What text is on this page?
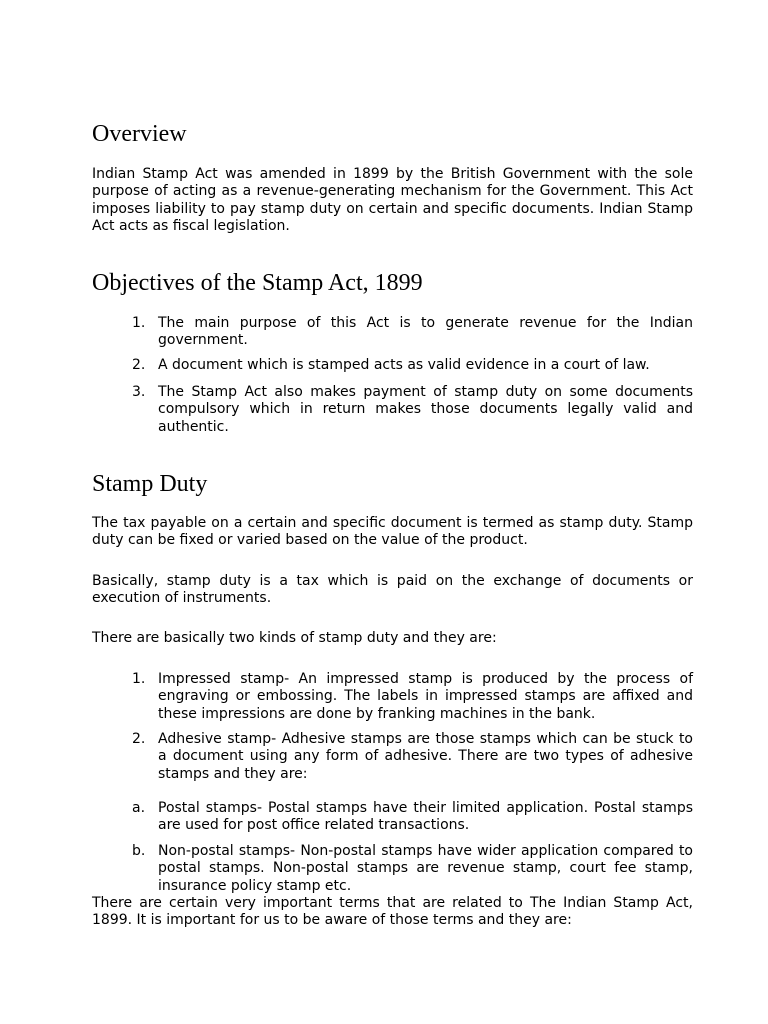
Overview

Indian Stamp Act was amended in 1899 by the British Government with the sole purpose of acting as a revenue-generating mechanism for the Government. This Act imposes liability to pay stamp duty on certain and specific documents. Indian Stamp Act acts as fiscal legislation.

Objectives of the Stamp Act, 1899
1. The main purpose of this Act is to generate revenue for the Indian government.
2. A document which is stamped acts as valid evidence in a court of law.
3. The Stamp Act also makes payment of stamp duty on some documents compulsory which in return makes those documents legally valid and authentic.
Stamp Duty

The tax payable on a certain and specific document is termed as stamp duty. Stamp duty can be fixed or varied based on the value of the product.

Basically, stamp duty is a tax which is paid on the exchange of documents or execution of instruments.

There are basically two kinds of stamp duty and they are:

1. Impressed stamp- An impressed stamp is produced by the process of engraving or embossing. The labels in impressed stamps are affixed and these impressions are done by franking machines in the bank.
2. Adhesive stamp- Adhesive stamps are those stamps which can be stuck to a document using any form of adhesive. There are two types of adhesive stamps and they are:
a. Postal stamps- Postal stamps have their limited application. Postal stamps are used for post office related transactions.
b. Non-postal stamps- Non-postal stamps have wider application compared to postal stamps. Non-postal stamps are revenue stamp, court fee stamp, insurance policy stamp etc.

There are certain very important terms that are related to The Indian Stamp Act, 1899. It is important for us to be aware of those terms and they are:
